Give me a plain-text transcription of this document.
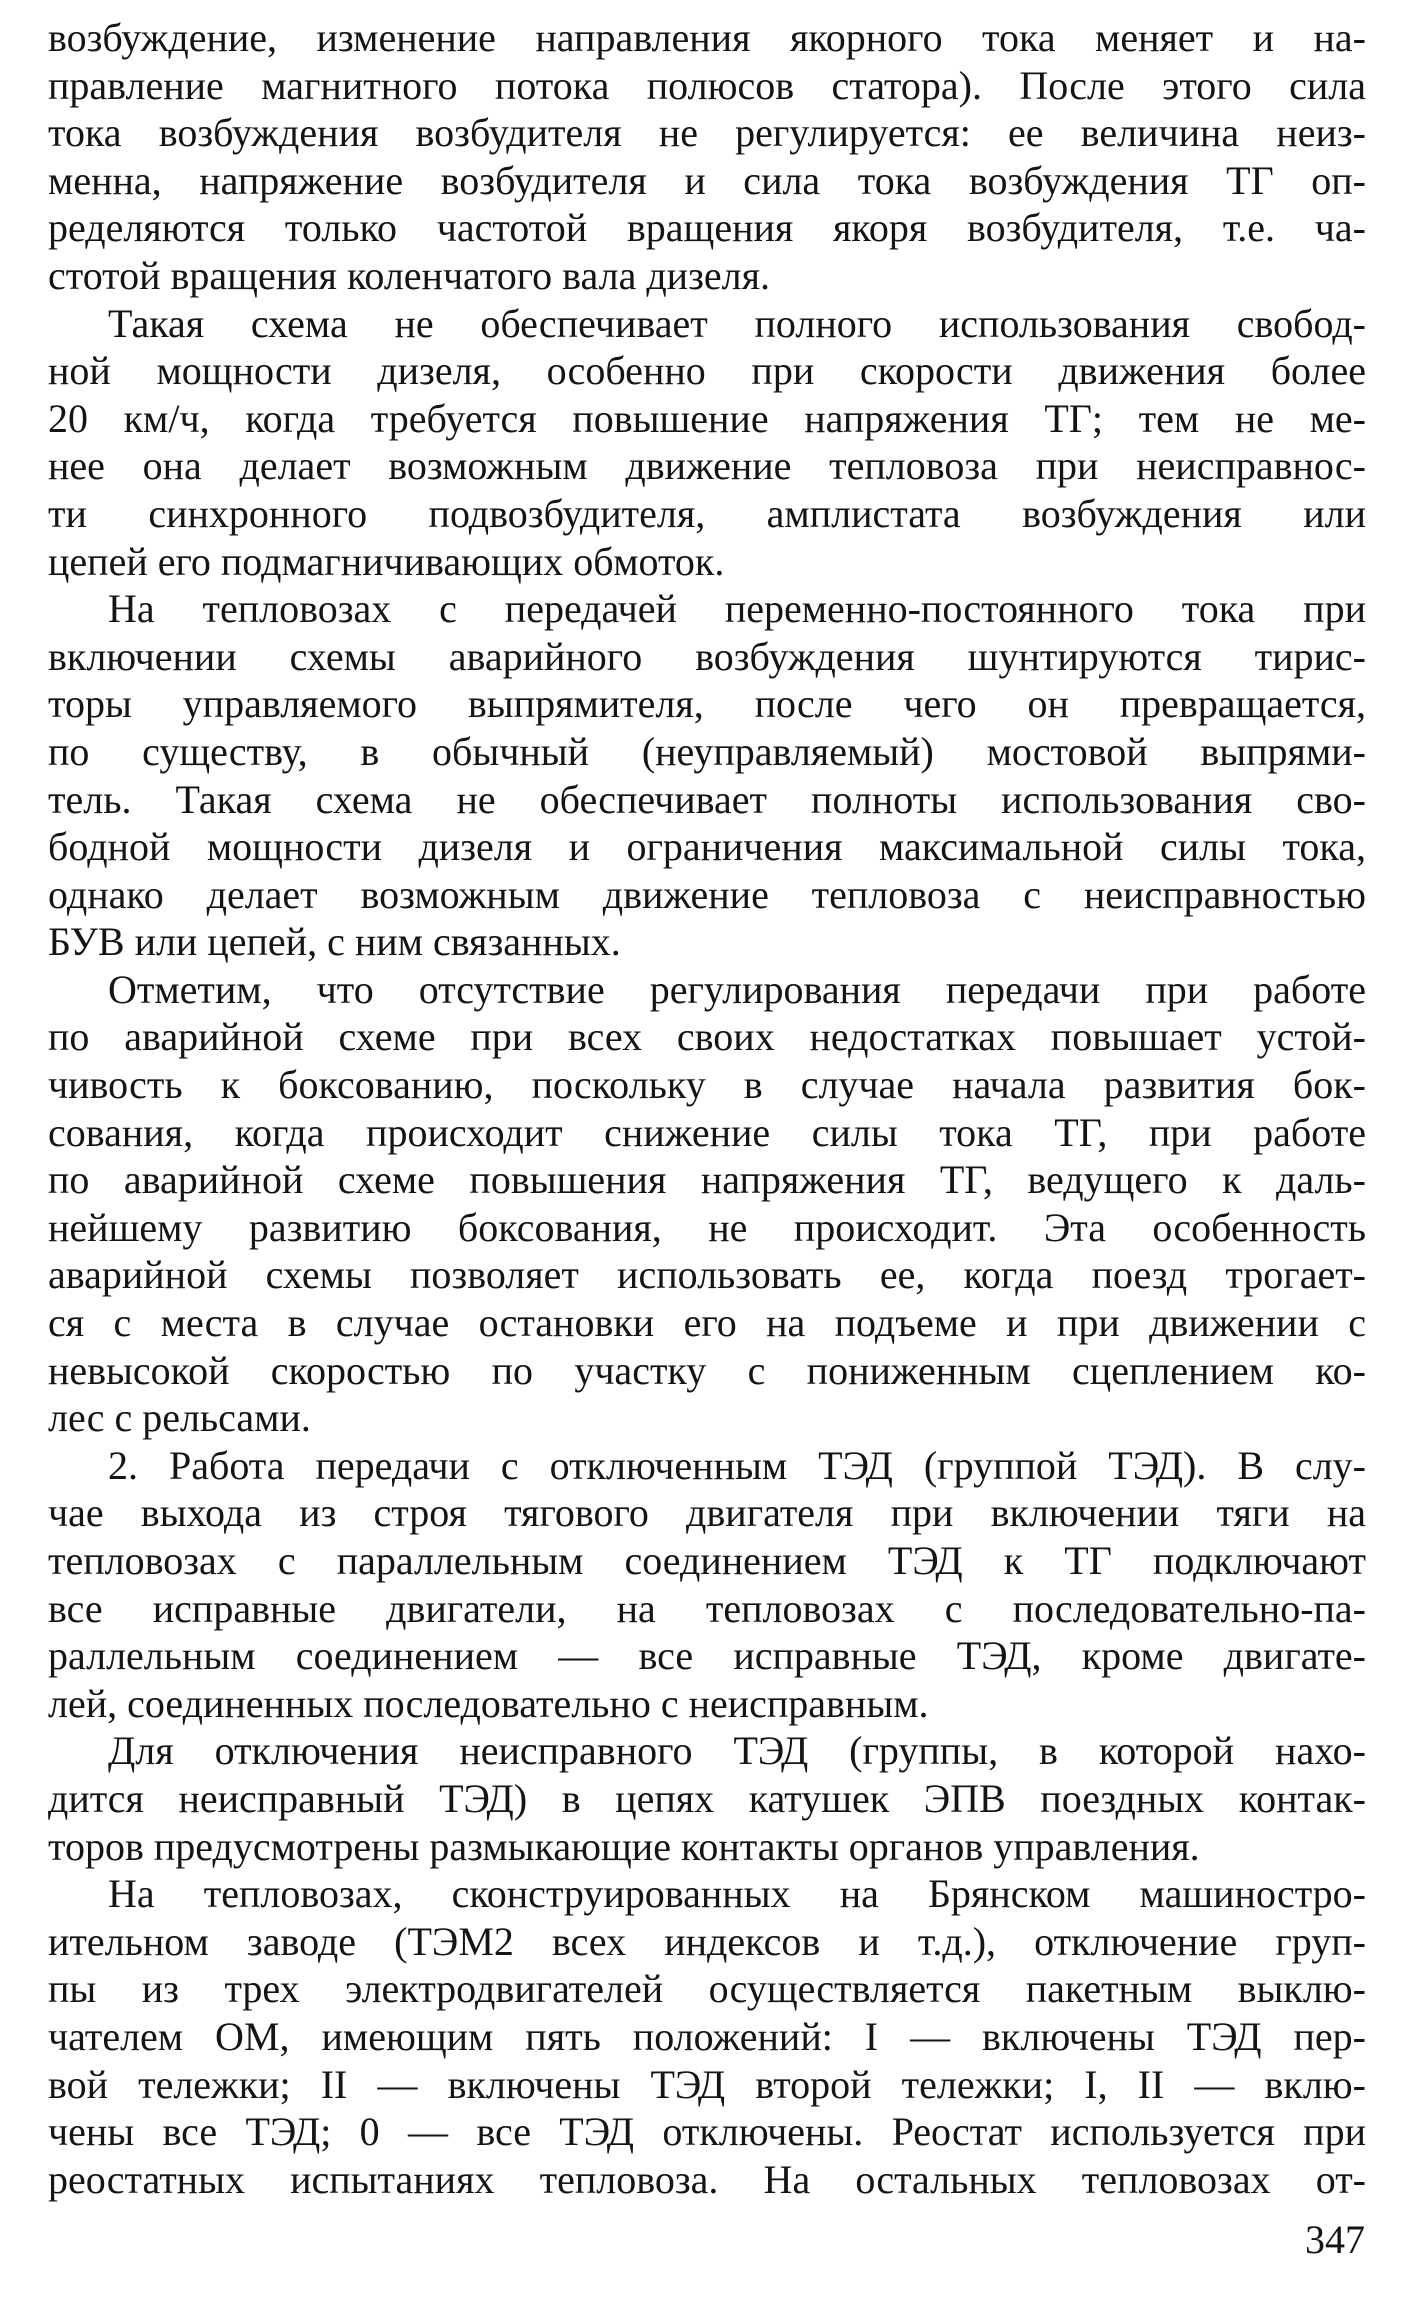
возбуждение, изменение направления якорного тока меняет и на-
правление магнитного потока полюсов статора). После этого сила
тока возбуждения возбудителя не регулируется: ее величина неиз-
менна, напряжение возбудителя и сила тока возбуждения ТГ оп-
ределяются только частотой вращения якоря возбудителя, т.е. ча-
стотой вращения коленчатого вала дизеля.

Такая схема не обеспечивает полного использования свобод-
ной мощности дизеля, особенно при скорости движения более
20 км/ч, когда требуется повышение напряжения ТГ; тем не ме-
нее она делает возможным движение тепловоза при неисправнос-
ти синхронного подвозбудителя, амплистата возбуждения или
цепей его подмагничивающих обмоток.

На тепловозах с передачей переменно-постоянного тока при
включении схемы аварийного возбуждения шунтируются тирис-
торы управляемого выпрямителя, после чего он превращается,
по существу, в обычный (неуправляемый) мостовой выпрями-
тель. Такая схема не обеспечивает полноты использования сво-
бодной мощности дизеля и ограничения максимальной силы тока,
однако делает возможным движение тепловоза с неисправностью
БУВ или цепей, с ним связанных.

Отметим, что отсутствие регулирования передачи при работе
по аварийной схеме при всех своих недостатках повышает устой-
чивость к боксованию, поскольку в случае начала развития бок-
сования, когда происходит снижение силы тока ТГ, при работе
по аварийной схеме повышения напряжения ТГ, ведущего к даль-
нейшему развитию боксования, не происходит. Эта особенность
аварийной схемы позволяет использовать ее, когда поезд трогает-
ся с места в случае остановки его на подъеме и при движении с
невысокой скоростью по участку с пониженным сцеплением ко-
лес с рельсами.

2. Работа передачи с отключенным ТЭД (группой ТЭД). В слу-
чае выхода из строя тягового двигателя при включении тяги на
тепловозах с параллельным соединением ТЭД к ТГ подключают
все исправные двигатели, на тепловозах с последовательно-па-
раллельным соединением — все исправные ТЭД, кроме двигате-
лей, соединенных последовательно с неисправным.

Для отключения неисправного ТЭД (группы, в которой нахо-
дится неисправный ТЭД) в цепях катушек ЭПВ поездных контак-
торов предусмотрены размыкающие контакты органов управления.

На тепловозах, сконструированных на Брянском машиностро-
ительном заводе (ТЭМ2 всех индексов и т.д.), отключение груп-
пы из трех электродвигателей осуществляется пакетным выклю-
чателем ОМ, имеющим пять положений: I — включены ТЭД пер-
вой тележки; II — включены ТЭД второй тележки; I, II — вклю-
чены все ТЭД; 0 — все ТЭД отключены. Реостат используется при
реостатных испытаниях тепловоза. На остальных тепловозах от-

347
